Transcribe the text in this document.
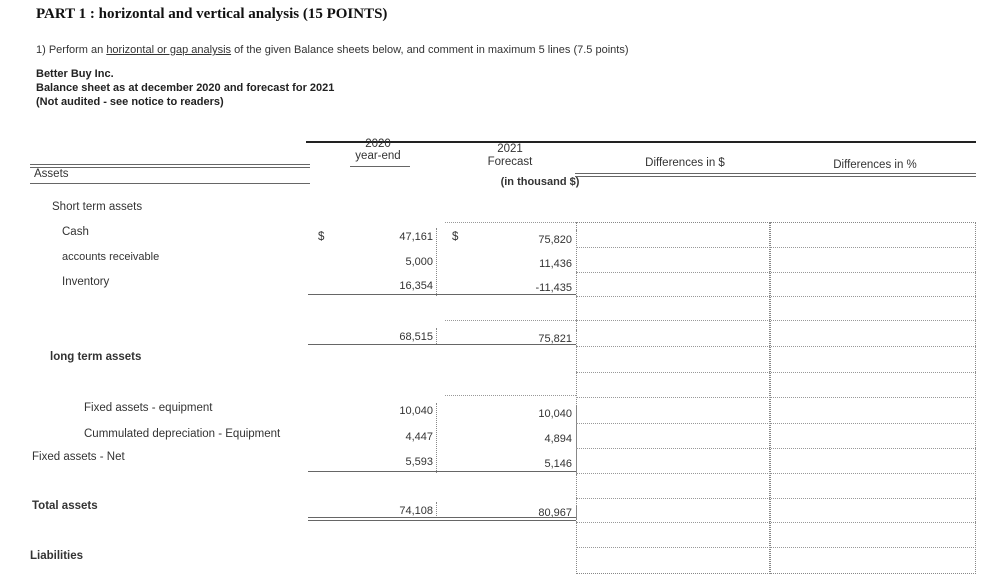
PART 1 : horizontal and vertical analysis (15 POINTS)
1) Perform an horizontal or gap analysis of the given Balance sheets below, and comment in maximum 5 lines (7.5 points)
Better Buy Inc.
Balance sheet as at december 2020 and forecast for 2021
(Not audited - see notice to readers)
2020
year-end
2021
Forecast
(in thousand $)
Differences in $	Differences in %
Assets
Short term assets
Cash
accounts receivable
Inventory
long term assets
Fixed assets - equipment
Cummulated depreciation - Equipment
Fixed assets - Net
Total assets
Liabilities
$	$
47,161
5,000
16,354
68,515
10,040
4,447
5,593
74,108
75,820
11,436
-11,435
75,821
10,040
4,894
5,146
80,967
